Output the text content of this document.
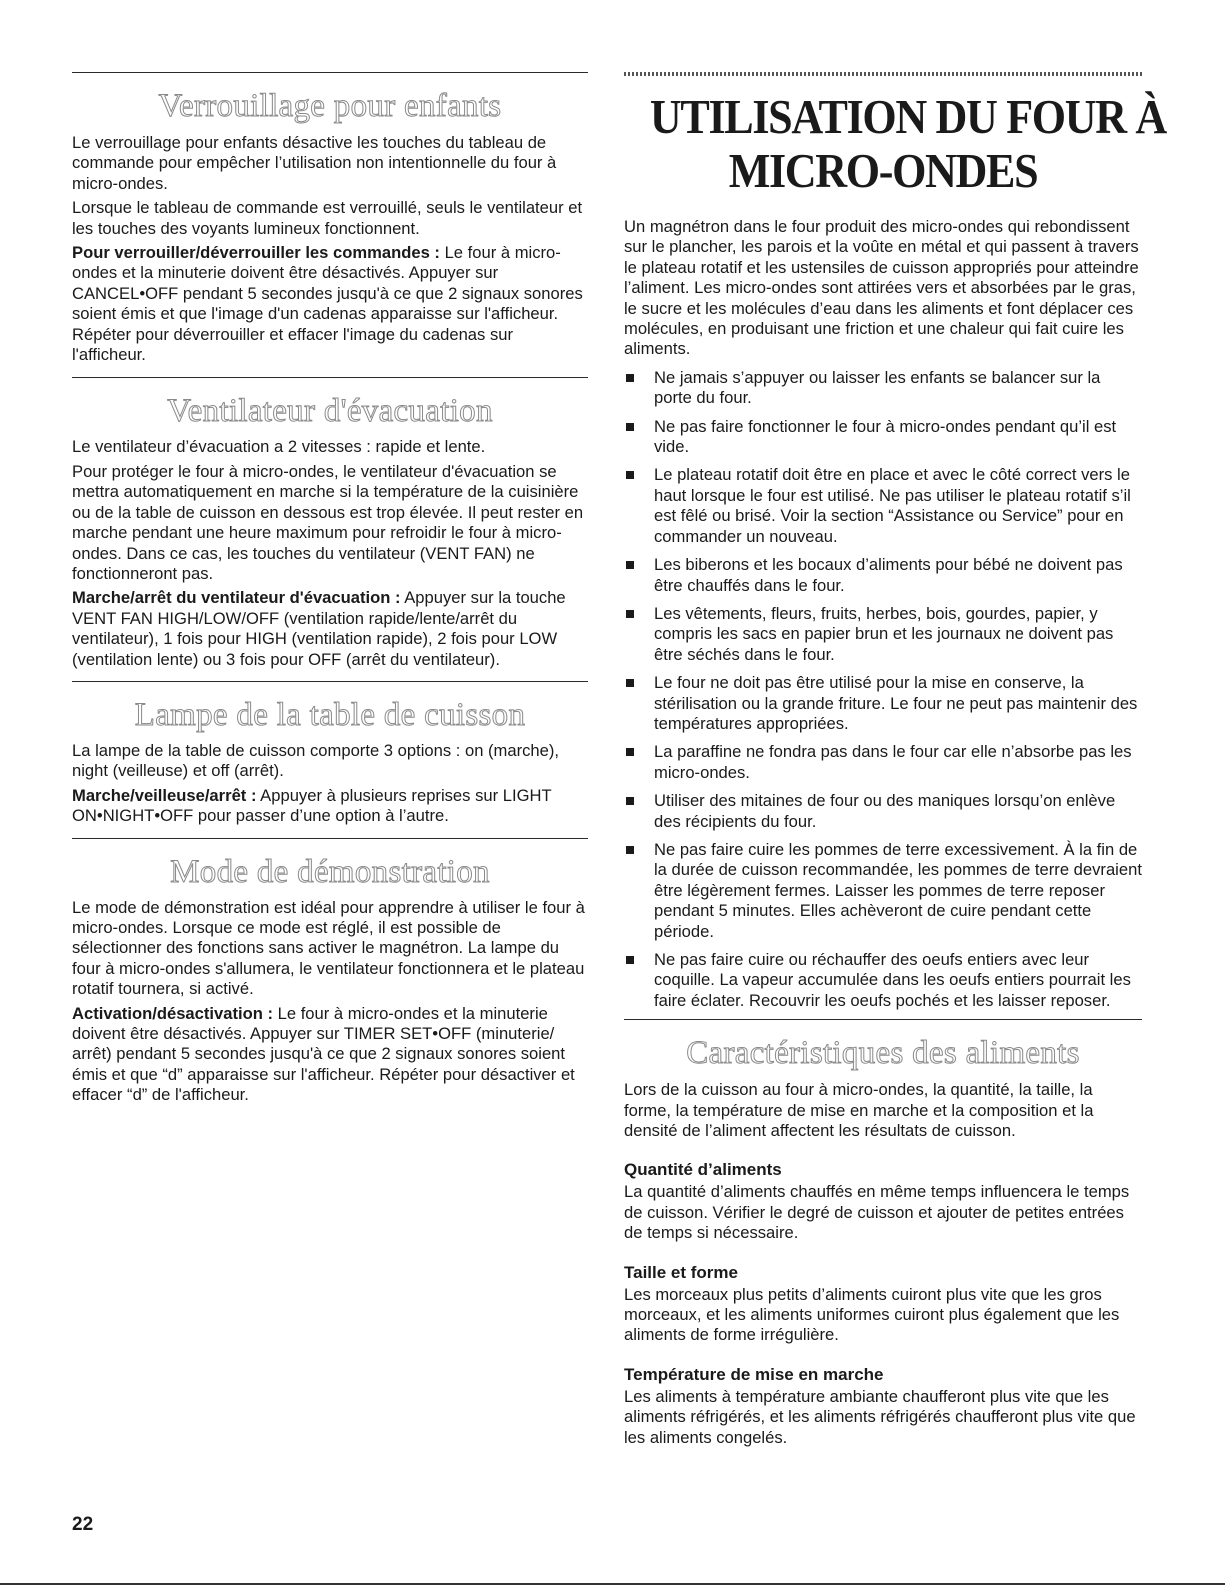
Verrouillage pour enfants

Le verrouillage pour enfants désactive les touches du tableau de commande pour empêcher l’utilisation non intentionnelle du four à micro-ondes.

Lorsque le tableau de commande est verrouillé, seuls le ventilateur et les touches des voyants lumineux fonctionnent.

Pour verrouiller/déverrouiller les commandes : Le four à micro-ondes et la minuterie doivent être désactivés. Appuyer sur CANCEL•OFF pendant 5 secondes jusqu'à ce que 2 signaux sonores soient émis et que l'image d'un cadenas apparaisse sur l'afficheur. Répéter pour déverrouiller et effacer l'image du cadenas sur l'afficheur.

Ventilateur d'évacuation

Le ventilateur d’évacuation a 2 vitesses : rapide et lente.

Pour protéger le four à micro-ondes, le ventilateur d'évacuation se mettra automatiquement en marche si la température de la cuisinière ou de la table de cuisson en dessous est trop élevée. Il peut rester en marche pendant une heure maximum pour refroidir le four à micro-ondes. Dans ce cas, les touches du ventilateur (VENT FAN) ne fonctionneront pas.

Marche/arrêt du ventilateur d'évacuation : Appuyer sur la touche VENT FAN HIGH/LOW/OFF (ventilation rapide/lente/arrêt du ventilateur), 1 fois pour HIGH (ventilation rapide), 2 fois pour LOW (ventilation lente) ou 3 fois pour OFF (arrêt du ventilateur).

Lampe de la table de cuisson

La lampe de la table de cuisson comporte 3 options : on (marche), night (veilleuse) et off (arrêt).

Marche/veilleuse/arrêt : Appuyer à plusieurs reprises sur LIGHT ON•NIGHT•OFF pour passer d’une option à l’autre.

Mode de démonstration

Le mode de démonstration est idéal pour apprendre à utiliser le four à micro-ondes. Lorsque ce mode est réglé, il est possible de sélectionner des fonctions sans activer le magnétron. La lampe du four à micro-ondes s'allumera, le ventilateur fonctionnera et le plateau rotatif tournera, si activé.

Activation/désactivation : Le four à micro-ondes et la minuterie doivent être désactivés. Appuyer sur TIMER SET•OFF (minuterie/ arrêt) pendant 5 secondes jusqu'à ce que 2 signaux sonores soient émis et que “d” apparaisse sur l'afficheur. Répéter pour désactiver et effacer “d” de l'afficheur.

UTILISATION DU FOUR À
MICRO-ONDES

Un magnétron dans le four produit des micro-ondes qui rebondissent sur le plancher, les parois et la voûte en métal et qui passent à travers le plateau rotatif et les ustensiles de cuisson appropriés pour atteindre l’aliment. Les micro-ondes sont attirées vers et absorbées par le gras, le sucre et les molécules d’eau dans les aliments et font déplacer ces molécules, en produisant une friction et une chaleur qui fait cuire les aliments.

Ne jamais s’appuyer ou laisser les enfants se balancer sur la porte du four.
Ne pas faire fonctionner le four à micro-ondes pendant qu’il est vide.
Le plateau rotatif doit être en place et avec le côté correct vers le haut lorsque le four est utilisé. Ne pas utiliser le plateau rotatif s’il est fêlé ou brisé. Voir la section “Assistance ou Service” pour en commander un nouveau.
Les biberons et les bocaux d’aliments pour bébé ne doivent pas être chauffés dans le four.
Les vêtements, fleurs, fruits, herbes, bois, gourdes, papier, y compris les sacs en papier brun et les journaux ne doivent pas être séchés dans le four.
Le four ne doit pas être utilisé pour la mise en conserve, la stérilisation ou la grande friture. Le four ne peut pas maintenir des températures appropriées.
La paraffine ne fondra pas dans le four car elle n’absorbe pas les micro-ondes.
Utiliser des mitaines de four ou des maniques lorsqu’on enlève des récipients du four.
Ne pas faire cuire les pommes de terre excessivement. À la fin de la durée de cuisson recommandée, les pommes de terre devraient être légèrement fermes. Laisser les pommes de terre reposer pendant 5 minutes. Elles achèveront de cuire pendant cette période.
Ne pas faire cuire ou réchauffer des oeufs entiers avec leur coquille. La vapeur accumulée dans les oeufs entiers pourrait les faire éclater. Recouvrir les oeufs pochés et les laisser reposer.
Caractéristiques des aliments

Lors de la cuisson au four à micro-ondes, la quantité, la taille, la forme, la température de mise en marche et la composition et la densité de l’aliment affectent les résultats de cuisson.

Quantité d’aliments

La quantité d’aliments chauffés en même temps influencera le temps de cuisson. Vérifier le degré de cuisson et ajouter de petites entrées de temps si nécessaire.

Taille et forme

Les morceaux plus petits d’aliments cuiront plus vite que les gros morceaux, et les aliments uniformes cuiront plus également que les aliments de forme irrégulière.

Température de mise en marche

Les aliments à température ambiante chaufferont plus vite que les aliments réfrigérés, et les aliments réfrigérés chaufferont plus vite que les aliments congelés.

22
